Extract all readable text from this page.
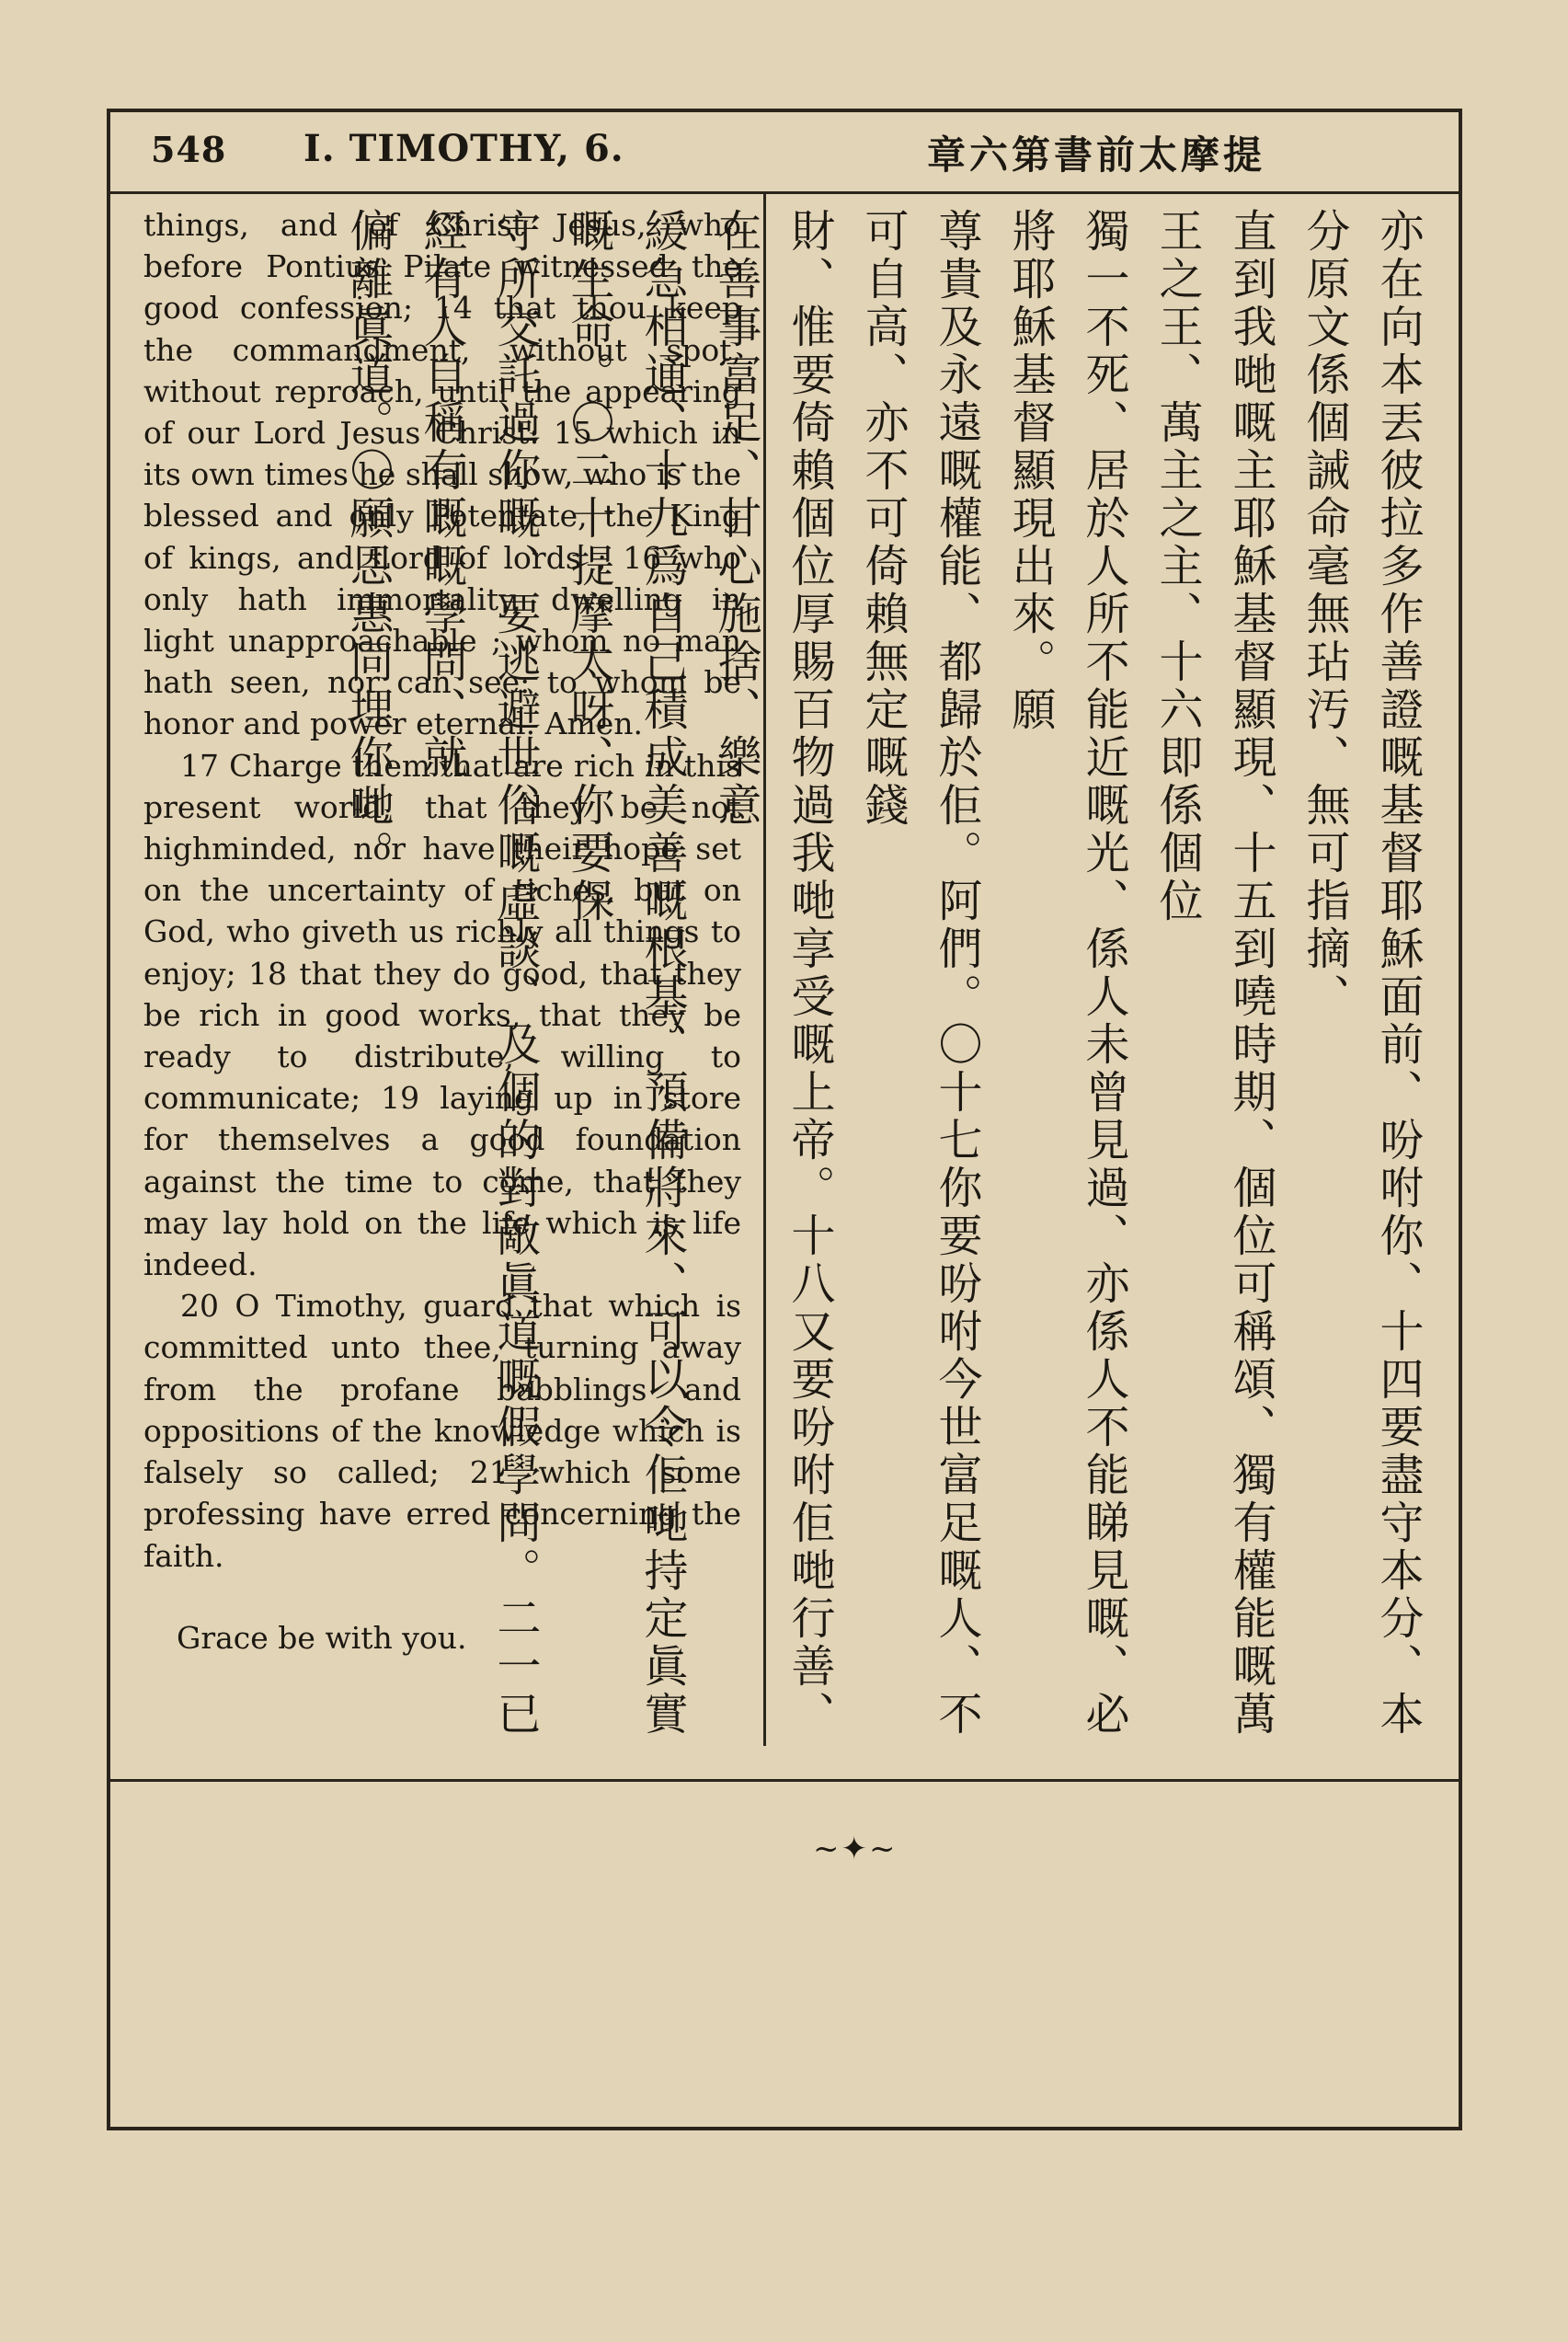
548 I. TIMOTHY, 6.	章六第書前太摩提

things, and of Christ Jesus, who before Pontius Pilate witnessed the good confession; 14 that thou keep the commandment, without spot, without reproach, until the appearing of our Lord Jesus Christ: 15 which in its own times he shall show, who is the blessed and only Potentate, the King of kings, and Lord of lords ; 16 who only hath immortality, dwelling in light unapproachable ; whom no man hath seen, nor can see: to whom be honor and power eternal. Amen.

17 Charge them that are rich in this present world, that they be not highminded, nor have their hope set on the uncertainty of riches, but on God, who giveth us richly all things to enjoy; 18 that they do good, that they be rich in good works, that they be ready to distribute, willing to communicate; 19 laying up in store for themselves a good foundation against the time to come, that they may lay hold on the life which is life indeed.

20 O Timothy, guard that which is committed unto thee, turning away from the profane babblings and oppositions of the knowledge which is falsely so called; 21 which some professing have erred concerning the faith.

Grace be with you.	亦在向本丟彼拉多作善證嘅基督耶穌面前、吩咐你、十四要盡守本分、本分原文係個誡命毫無玷汚、無可指摘、

直到我哋嘅主耶穌基督顯現、十五到嘵時期、個位可稱頌、獨有權能嘅萬王之王、萬主之主、十六即係個位

獨一不死、居於人所不能近嘅光、係人未曾見過、亦係人不能睇見嘅、必將耶穌基督顯現出來。願

尊貴及永遠嘅權能、都歸於佢。阿們。〇十七你要吩咐今世富足嘅人、不可自高、亦不可倚賴無定嘅錢

財、惟要倚賴個位厚賜百物過我哋享受嘅上帝。十八又要吩咐佢哋行善、在善事富足、甘心施捨、樂意

緩急相通、十九爲自己積成美善嘅根基、預備將來、可以令佢哋持定眞實嘅生命。〇二十提摩太呀、你要保

守所交託過你嘅、要逃避世俗嘅虛談、及個的對敵眞道嘅假學問。二一已經有人自稱有嘅嘅學問、就

偏離眞道。〇願恩惠同埋你哋。

~✦~
